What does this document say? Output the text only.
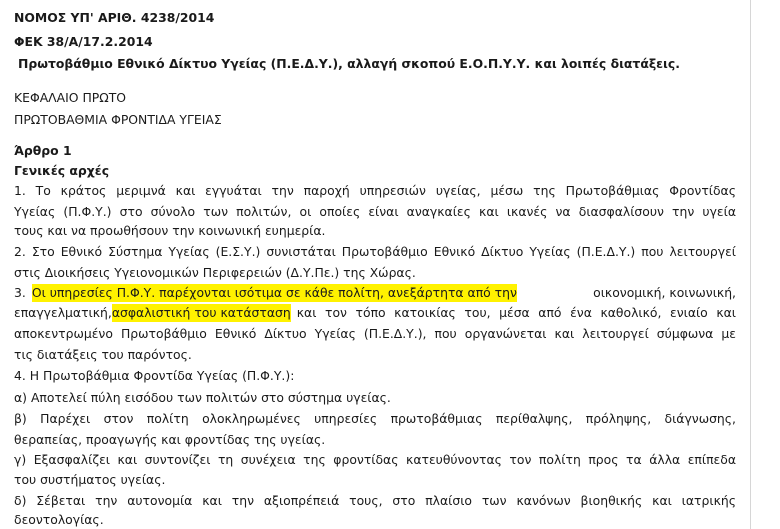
ΝΟΜΟΣ ΥΠ' ΑΡΙΘ. 4238/2014
ΦΕΚ 38/Α/17.2.2014
Πρωτοβάθμιο Εθνικό Δίκτυο Υγείας (Π.Ε.Δ.Υ.), αλλαγή σκοπού Ε.Ο.Π.Υ.Υ. και λοιπές διατάξεις.
ΚΕΦΑΛΑΙΟ ΠΡΩΤΟ
ΠΡΩΤΟΒΑΘΜΙΑ ΦΡΟΝΤΙΔΑ ΥΓΕΙΑΣ
Άρθρο 1
Γενικές αρχές
1. Το κράτος μεριμνά και εγγυάται την παροχή υπηρεσιών υγείας, μέσω της Πρωτοβάθμιας Φροντίδας
Υγείας (Π.Φ.Υ.) στο σύνολο των πολιτών, οι οποίες είναι αναγκαίες και ικανές να διασφαλίσουν την υγεία
τους και να προωθήσουν την κοινωνική ευημερία.
2. Στο Εθνικό Σύστημα Υγείας (Ε.Σ.Υ.) συνιστάται Πρωτοβάθμιο Εθνικό Δίκτυο Υγείας (Π.Ε.Δ.Υ.) που λειτουργεί
στις Διοικήσεις Υγειονομικών Περιφερειών (Δ.Υ.Πε.) της Χώρας.
3. Οι υπηρεσίες Π.Φ.Υ. παρέχονται ισότιμα σε κάθε πολίτη, ανεξάρτητα από την	οικονομική, κοινωνική,
επαγγελματική, ασφαλιστική του κατάσταση και τον τόπο κατοικίας του, μέσα από ένα καθολικό, ενιαίο και
αποκεντρωμένο Πρωτοβάθμιο Εθνικό Δίκτυο Υγείας (Π.Ε.Δ.Υ.), που οργανώνεται και λειτουργεί σύμφωνα με
τις διατάξεις του παρόντος.
4. Η Πρωτοβάθμια Φροντίδα Υγείας (Π.Φ.Υ.):
α) Αποτελεί πύλη εισόδου των πολιτών στο σύστημα υγείας.
β) Παρέχει στον πολίτη ολοκληρωμένες υπηρεσίες πρωτοβάθμιας περίθαλψης, πρόληψης, διάγνωσης,
θεραπείας, προαγωγής και φροντίδας της υγείας.
γ) Εξασφαλίζει και συντονίζει τη συνέχεια της φροντίδας κατευθύνοντας τον πολίτη προς τα άλλα επίπεδα
του συστήματος υγείας.
δ) Σέβεται την αυτονομία και την αξιοπρέπειά τους, στο πλαίσιο των κανόνων βιοηθικής και ιατρικής
δεοντολογίας.
